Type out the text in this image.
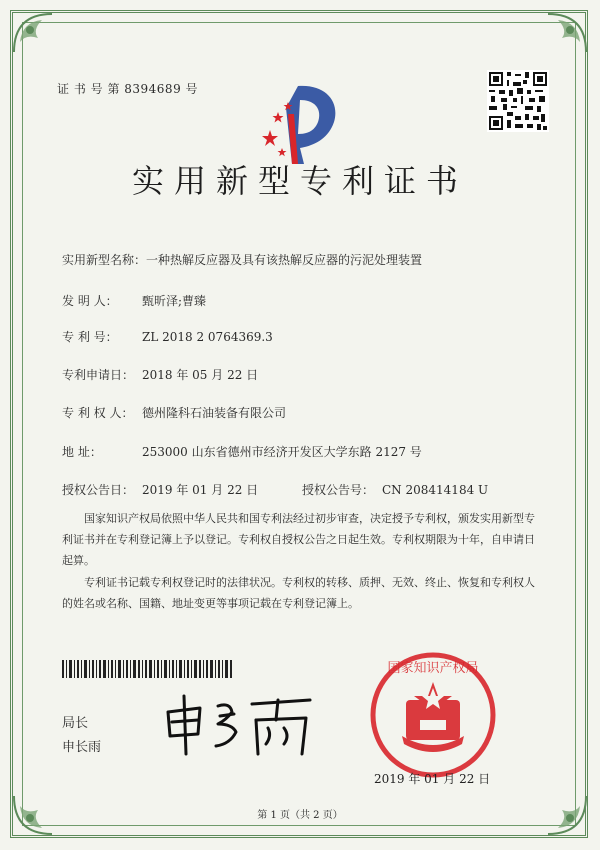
证 书 号 第 8394689 号
实用新型专利证书
实用新型名称：一种热解反应器及具有该热解反应器的污泥处理装置
发 明 人： 甄昕泽;曹臻
专 利 号： ZL 2018 2 0764369.3
专利申请日： 2018 年 05 月 22 日
专 利 权 人： 德州隆科石油装备有限公司
地 址：	253000 山东省德州市经济开发区大学东路 2127 号
授权公告日： 2019 年 01 月 22 日	授权公告号： CN 208414184 U
国家知识产权局依照中华人民共和国专利法经过初步审查，决定授予专利权，颁发实用新型专利证书并在专利登记簿上予以登记。专利权自授权公告之日起生效。专利权期限为十年，自申请日起算。
专利证书记载专利权登记时的法律状况。专利权的转移、质押、无效、终止、恢复和专利权人的姓名或名称、国籍、地址变更等事项记载在专利登记簿上。
局长
申长雨
国家知识产权局
2019 年 01 月 22 日
第 1 页（共 2 页）
